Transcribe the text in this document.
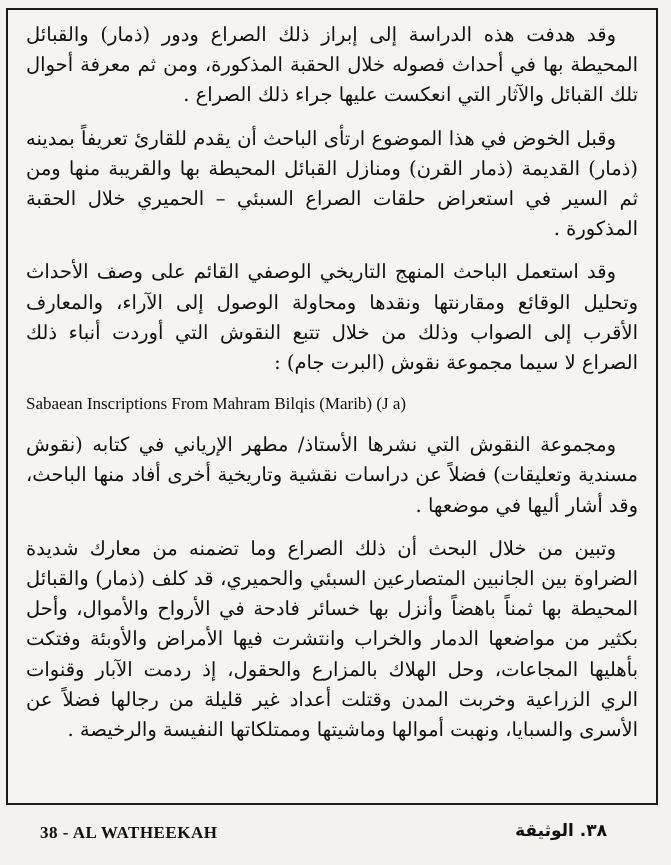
وقد هدفت هذه الدراسة إلى إبراز ذلك الصراع ودور (ذمار) والقبائل المحيطة بها في أحداث فصوله خلال الحقبة المذكورة، ومن ثم معرفة أحوال تلك القبائل والآثار التي انعكست عليها جراء ذلك الصراع .

وقبل الخوض في هذا الموضوع ارتأى الباحث أن يقدم للقارئ تعريفاً بمدينه (ذمار) القديمة (ذمار القرن) ومنازل القبائل المحيطة بها والقريبة منها ومن ثم السير في استعراض حلقات الصراع السبئي – الحميري خلال الحقبة المذكورة .

وقد استعمل الباحث المنهج التاريخي الوصفي القائم على وصف الأحداث وتحليل الوقائع ومقارنتها ونقدها ومحاولة الوصول إلى الآراء، والمعارف الأقرب إلى الصواب وذلك من خلال تتبع النقوش التي أوردت أنباء ذلك الصراع لا سيما مجموعة نقوش (البرت جام) :

Sabaean Inscriptions From Mahram Bilqis (Marib) (J a)

ومجموعة النقوش التي نشرها الأستاذ/ مطهر الإرياني في كتابه (نقوش مسندية وتعليقات) فضلاً عن دراسات نقشية وتاريخية أخرى أفاد منها الباحث، وقد أشار أليها في موضعها .

وتبين من خلال البحث أن ذلك الصراع وما تضمنه من معارك شديدة الضراوة بين الجانبين المتصارعين السبئي والحميري، قد كلف (ذمار) والقبائل المحيطة بها ثمناً باهضاً وأنزل بها خسائر فادحة في الأرواح والأموال، وأحل بكثير من مواضعها الدمار والخراب وانتشرت فيها الأمراض والأوبئة وفتكت بأهليها المجاعات، وحل الهلاك بالمزارع والحقول، إذ ردمت الآبار وقنوات الري الزراعية وخربت المدن وقتلت أعداد غير قليلة من رجالها فضلاً عن الأسرى والسبايا، ونهبت أموالها وماشيتها وممتلكاتها النفيسة والرخيصة .

38 - AL WATHEEKAH	٣٨. الوثيقة
